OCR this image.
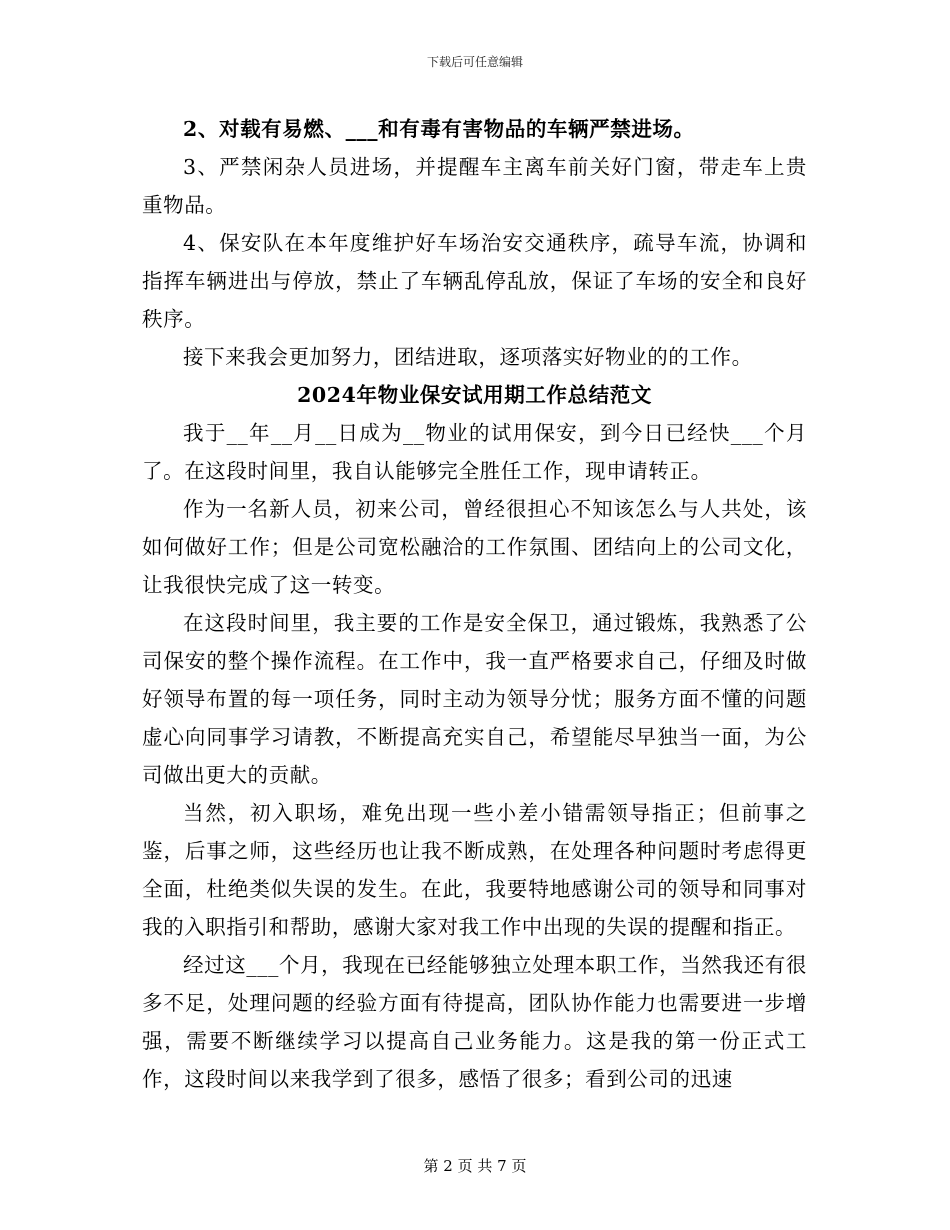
下载后可任意编辑

2、对载有易燃、___和有毒有害物品的车辆严禁进场。

3、严禁闲杂人员进场，并提醒车主离车前关好门窗，带走车上贵重物品。

4、保安队在本年度维护好车场治安交通秩序，疏导车流，协调和指挥车辆进出与停放，禁止了车辆乱停乱放，保证了车场的安全和良好秩序。

接下来我会更加努力，团结进取，逐项落实好物业的的工作。

2024年物业保安试用期工作总结范文

我于__年__月__日成为__物业的试用保安，到今日已经快___个月了。在这段时间里，我自认能够完全胜任工作，现申请转正。

作为一名新人员，初来公司，曾经很担心不知该怎么与人共处，该如何做好工作；但是公司宽松融洽的工作氛围、团结向上的公司文化，让我很快完成了这一转变。

在这段时间里，我主要的工作是安全保卫，通过锻炼，我熟悉了公司保安的整个操作流程。在工作中，我一直严格要求自己，仔细及时做好领导布置的每一项任务，同时主动为领导分忧；服务方面不懂的问题虚心向同事学习请教，不断提高充实自己，希望能尽早独当一面，为公司做出更大的贡献。

当然，初入职场，难免出现一些小差小错需领导指正；但前事之鉴，后事之师，这些经历也让我不断成熟，在处理各种问题时考虑得更全面，杜绝类似失误的发生。在此，我要特地感谢公司的领导和同事对我的入职指引和帮助，感谢大家对我工作中出现的失误的提醒和指正。

经过这___个月，我现在已经能够独立处理本职工作，当然我还有很多不足，处理问题的经验方面有待提高，团队协作能力也需要进一步增强，需要不断继续学习以提高自己业务能力。这是我的第一份正式工作，这段时间以来我学到了很多，感悟了很多；看到公司的迅速

第 2 页 共 7 页
